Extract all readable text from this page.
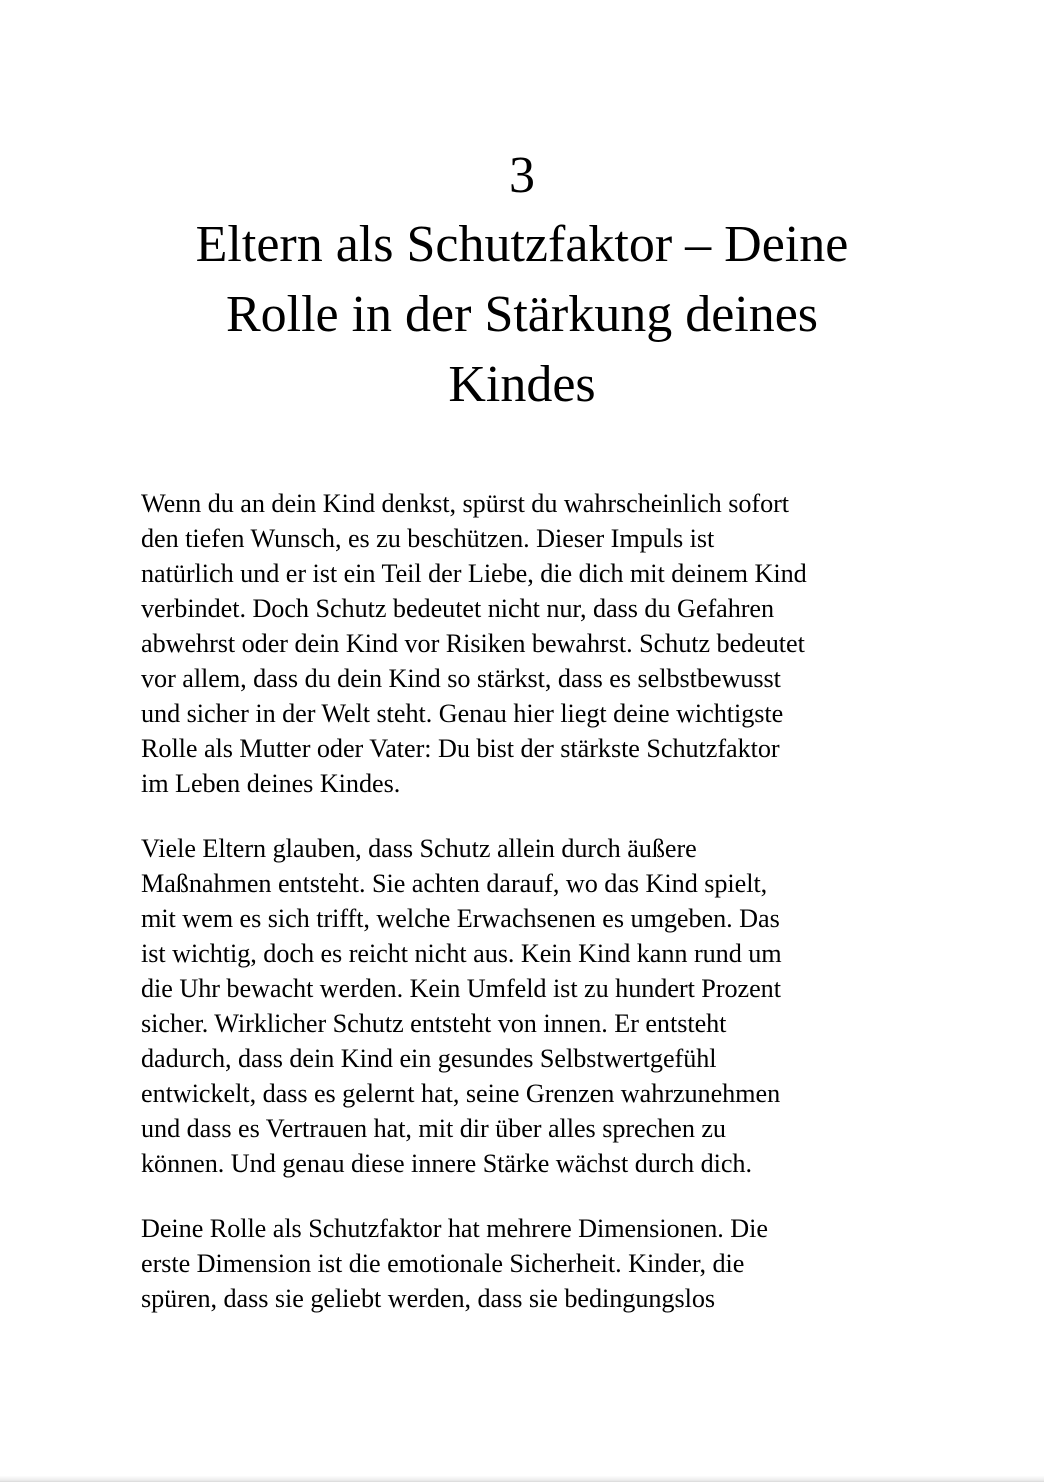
3
Eltern als Schutzfaktor – Deine
Rolle in der Stärkung deines
Kindes

Wenn du an dein Kind denkst, spürst du wahrscheinlich sofort
den tiefen Wunsch, es zu beschützen. Dieser Impuls ist
natürlich und er ist ein Teil der Liebe, die dich mit deinem Kind
verbindet. Doch Schutz bedeutet nicht nur, dass du Gefahren
abwehrst oder dein Kind vor Risiken bewahrst. Schutz bedeutet
vor allem, dass du dein Kind so stärkst, dass es selbstbewusst
und sicher in der Welt steht. Genau hier liegt deine wichtigste
Rolle als Mutter oder Vater: Du bist der stärkste Schutzfaktor
im Leben deines Kindes.

Viele Eltern glauben, dass Schutz allein durch äußere
Maßnahmen entsteht. Sie achten darauf, wo das Kind spielt,
mit wem es sich trifft, welche Erwachsenen es umgeben. Das
ist wichtig, doch es reicht nicht aus. Kein Kind kann rund um
die Uhr bewacht werden. Kein Umfeld ist zu hundert Prozent
sicher. Wirklicher Schutz entsteht von innen. Er entsteht
dadurch, dass dein Kind ein gesundes Selbstwertgefühl
entwickelt, dass es gelernt hat, seine Grenzen wahrzunehmen
und dass es Vertrauen hat, mit dir über alles sprechen zu
können. Und genau diese innere Stärke wächst durch dich.

Deine Rolle als Schutzfaktor hat mehrere Dimensionen. Die
erste Dimension ist die emotionale Sicherheit. Kinder, die
spüren, dass sie geliebt werden, dass sie bedingungslos
